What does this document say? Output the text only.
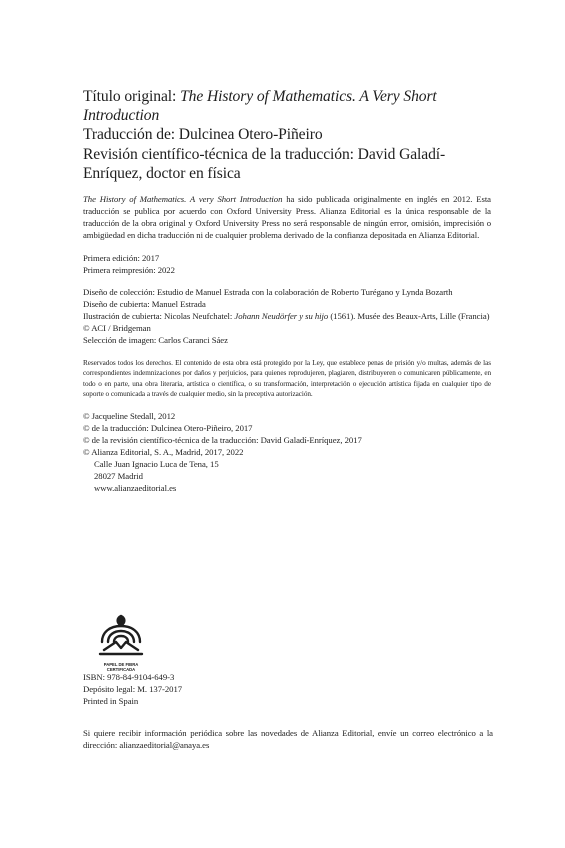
Título original: The History of Mathematics. A Very Short Introduction
Traducción de: Dulcinea Otero-Piñeiro
Revisión científico-técnica de la traducción: David Galadí-Enríquez, doctor en física
The History of Mathematics. A very Short Introduction ha sido publicada originalmente en inglés en 2012. Esta traducción se publica por acuerdo con Oxford University Press. Alianza Editorial es la única responsable de la traducción de la obra original y Oxford University Press no será responsable de ningún error, omisión, imprecisión o ambigüedad en dicha traducción ni de cualquier problema derivado de la confianza depositada en Alianza Editorial.
Primera edición: 2017
Primera reimpresión: 2022
Diseño de colección: Estudio de Manuel Estrada con la colaboración de Roberto Turégano y Lynda Bozarth
Diseño de cubierta: Manuel Estrada
Ilustración de cubierta: Nicolas Neufchatel: Johann Neudörfer y su hijo (1561). Musée des Beaux-Arts, Lille (Francia)
© ACI / Bridgeman
Selección de imagen: Carlos Caranci Sáez
Reservados todos los derechos. El contenido de esta obra está protegido por la Ley, que establece penas de prisión y/o multas, además de las correspondientes indemnizaciones por daños y perjuicios, para quienes reprodujeren, plagiaren, distribuyeren o comunicaren públicamente, en todo o en parte, una obra literaria, artística o científica, o su transformación, interpretación o ejecución artística fijada en cualquier tipo de soporte o comunicada a través de cualquier medio, sin la preceptiva autorización.
© Jacqueline Stedall, 2012
© de la traducción: Dulcinea Otero-Piñeiro, 2017
© de la revisión científico-técnica de la traducción: David Galadí-Enríquez, 2017
© Alianza Editorial, S. A., Madrid, 2017, 2022
Calle Juan Ignacio Luca de Tena, 15
28027 Madrid
www.alianzaeditorial.es
PAPEL DE FIBRA CERTIFICADA
ISBN: 978-84-9104-649-3
Depósito legal: M. 137-2017
Printed in Spain
Si quiere recibir información periódica sobre las novedades de Alianza Editorial, envíe un correo electrónico a la dirección: alianzaeditorial@anaya.es
